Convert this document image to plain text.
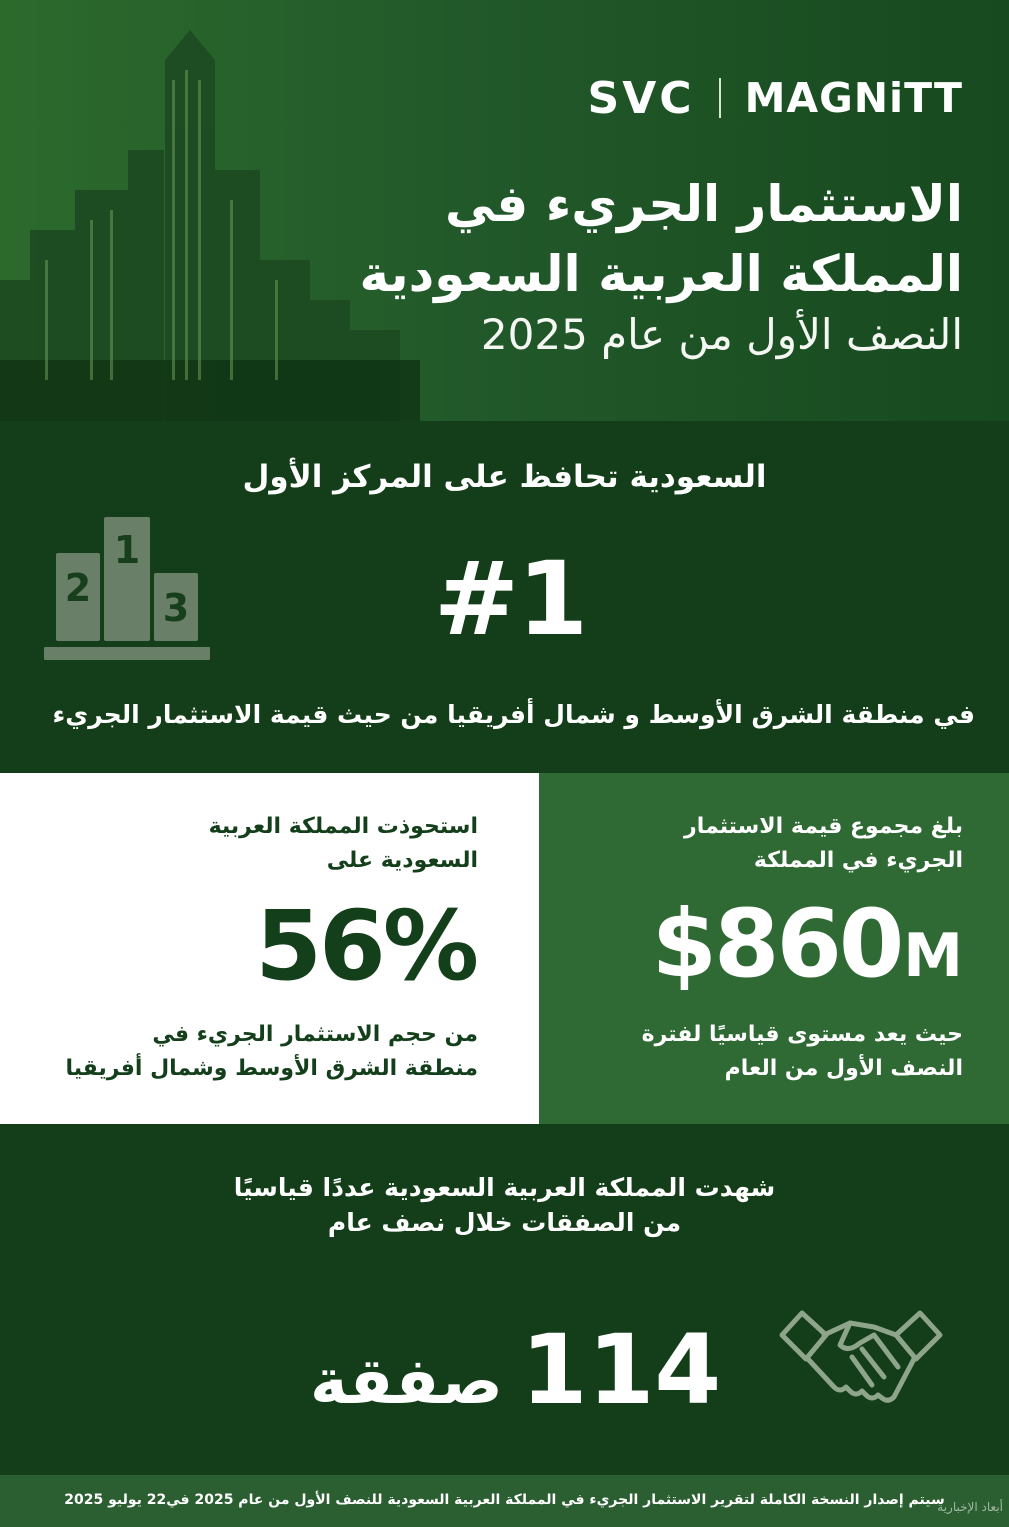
SVC MAGNiTT
الاستثمار الجريء في
المملكة العربية السعودية
النصف الأول من عام 2025
السعودية تحافظ على المركز الأول
1
2 3 #1
في منطقة الشرق الأوسط و شمال أفريقيا من حيث قيمة الاستثمار الجريء
استحوذت المملكة العربية
السعودية على
56%
من حجم الاستثمار الجريء في
منطقة الشرق الأوسط وشمال أفريقيا
بلغ مجموع قيمة الاستثمار
الجريء في المملكة
$860M
حيث يعد مستوى قياسيًا لفترة
النصف الأول من العام
شهدت المملكة العربية السعودية عددًا قياسيًا
من الصفقات خلال نصف عام
114صفقة
سيتم إصدار النسخة الكاملة لتقرير الاستثمار الجريء في المملكة العربية السعودية للنصف الأول من عام 2025 في22 يوليو 2025
أبعاد الإخبارية
